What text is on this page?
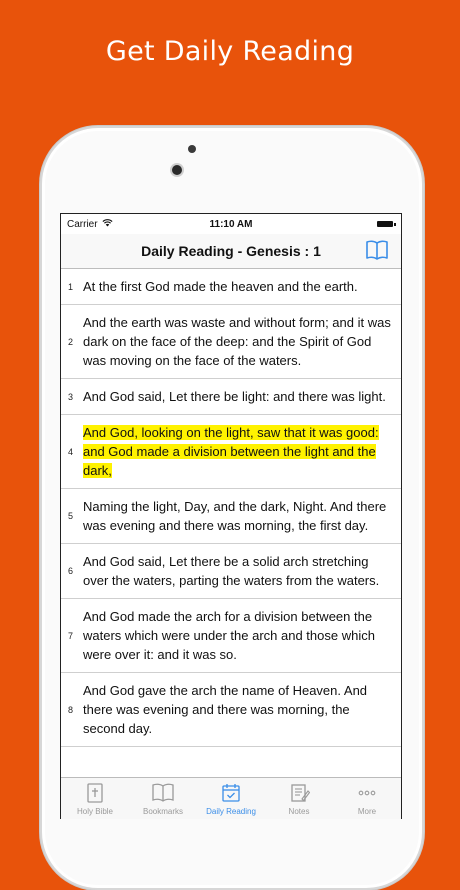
Get Daily Reading
Carrier	11:10 AM
Daily Reading - Genesis : 1
1 At the first God made the heaven and the earth.
2
And the earth was waste and without form; and it was dark on the face of the deep: and the Spirit of God was moving on the face of the waters.
3 And God said, Let there be light: and there was light.
4
And God, looking on the light, saw that it was good: and God made a division between the light and the dark,
5
Naming the light, Day, and the dark, Night. And there was evening and there was morning, the first day.
6
And God said, Let there be a solid arch stretching over the waters, parting the waters from the waters.
7
And God made the arch for a division between the waters which were under the arch and those which were over it: and it was so.
8
And God gave the arch the name of Heaven. And there was evening and there was morning, the second day.
Holy Bible	Bookmarks	Daily Reading	Notes	More
